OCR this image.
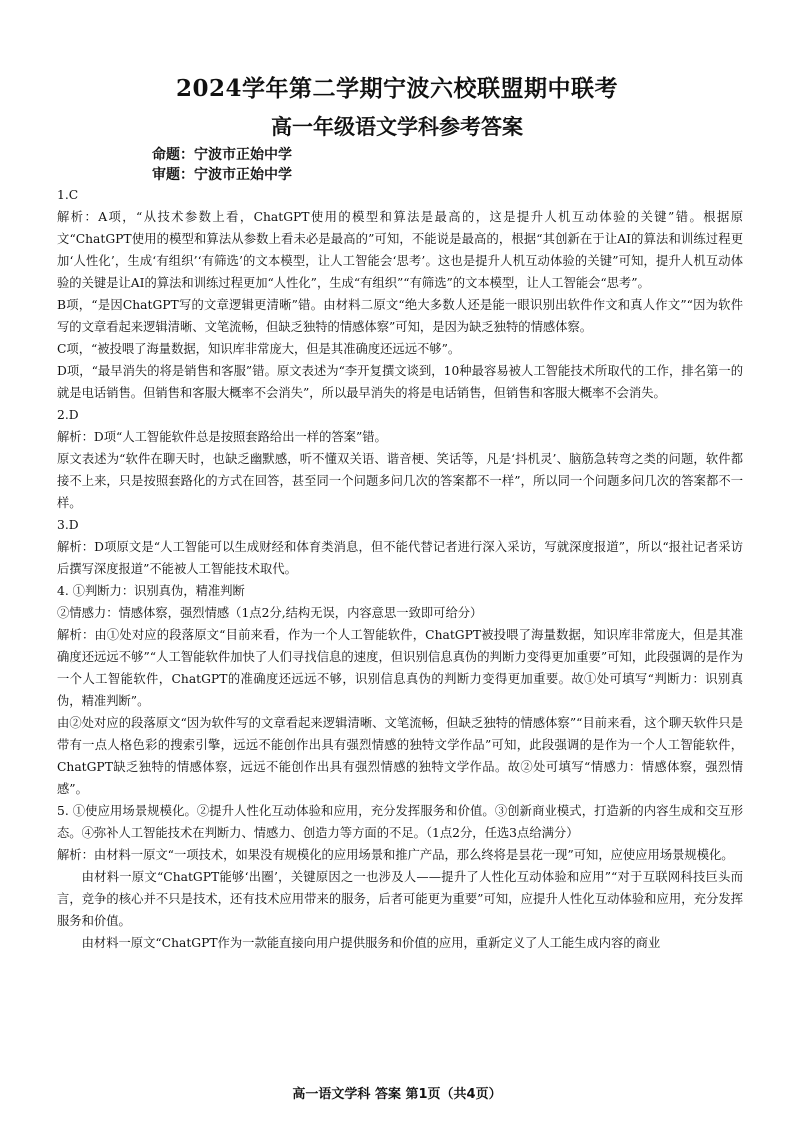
2024学年第二学期宁波六校联盟期中联考
高一年级语文学科参考答案
命题：宁波市正始中学
审题：宁波市正始中学

1.C

解析：A项，“从技术参数上看，ChatGPT使用的模型和算法是最高的，这是提升人机互动体验的关键”错。根据原文“ChatGPT使用的模型和算法从参数上看未必是最高的”可知，不能说是最高的，根据“其创新在于让AI的算法和训练过程更加‘人性化’，生成‘有组织’‘有筛选’的文本模型，让人工智能会‘思考’。这也是提升人机互动体验的关键”可知，提升人机互动体验的关键是让AI的算法和训练过程更加“人性化”，生成“有组织”“有筛选”的文本模型，让人工智能会“思考”。

B项，“是因ChatGPT写的文章逻辑更清晰”错。由材料二原文“绝大多数人还是能一眼识别出软件作文和真人作文”“因为软件写的文章看起来逻辑清晰、文笔流畅，但缺乏独特的情感体察”可知，是因为缺乏独特的情感体察。

C项，“被投喂了海量数据，知识库非常庞大，但是其准确度还远远不够”。

D项，“最早消失的将是销售和客服”错。原文表述为“李开复撰文谈到，10种最容易被人工智能技术所取代的工作，排名第一的就是电话销售。但销售和客服大概率不会消失”，所以最早消失的将是电话销售，但销售和客服大概率不会消失。

2.D

解析：D项“人工智能软件总是按照套路给出一样的答案”错。

原文表述为“软件在聊天时，也缺乏幽默感，听不懂双关语、谐音梗、笑话等，凡是‘抖机灵’、脑筋急转弯之类的问题，软件都接不上来，只是按照套路化的方式在回答，甚至同一个问题多问几次的答案都不一样”，所以同一个问题多问几次的答案都不一样。

3.D

解析：D项原文是“人工智能可以生成财经和体育类消息，但不能代替记者进行深入采访，写就深度报道”，所以“报社记者采访后撰写深度报道”不能被人工智能技术取代。

4. ①判断力：识别真伪，精准判断

②情感力：情感体察，强烈情感（1点2分,结构无误，内容意思一致即可给分）

解析：由①处对应的段落原文“目前来看，作为一个人工智能软件，ChatGPT被投喂了海量数据，知识库非常庞大，但是其准确度还远远不够”“人工智能软件加快了人们寻找信息的速度，但识别信息真伪的判断力变得更加重要”可知，此段强调的是作为一个人工智能软件，ChatGPT的准确度还远远不够，识别信息真伪的判断力变得更加重要。故①处可填写“判断力：识别真伪，精准判断”。

由②处对应的段落原文“因为软件写的文章看起来逻辑清晰、文笔流畅，但缺乏独特的情感体察”“目前来看，这个聊天软件只是带有一点人格色彩的搜索引擎，远远不能创作出具有强烈情感的独特文学作品”可知，此段强调的是作为一个人工智能软件，ChatGPT缺乏独特的情感体察，远远不能创作出具有强烈情感的独特文学作品。故②处可填写“情感力：情感体察，强烈情感”。

5. ①使应用场景规模化。②提升人性化互动体验和应用，充分发挥服务和价值。③创新商业模式，打造新的内容生成和交互形态。④弥补人工智能技术在判断力、情感力、创造力等方面的不足。（1点2分，任选3点给满分）

解析：由材料一原文“一项技术，如果没有规模化的应用场景和推广产品，那么终将是昙花一现”可知，应使应用场景规模化。

由材料一原文“ChatGPT能够‘出圈’，关键原因之一也涉及人——提升了人性化互动体验和应用”“对于互联网科技巨头而言，竞争的核心并不只是技术，还有技术应用带来的服务，后者可能更为重要”可知，应提升人性化互动体验和应用，充分发挥服务和价值。

由材料一原文“ChatGPT作为一款能直接向用户提供服务和价值的应用，重新定义了人工能生成内容的商业

高一语文学科 答案 第1页（共4页）
